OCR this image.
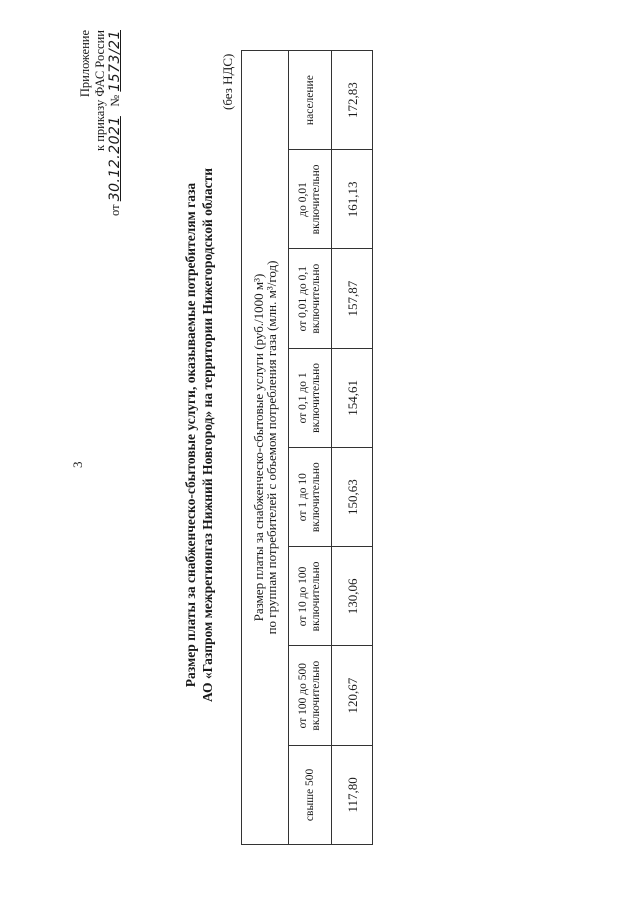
3
Приложение к приказу ФАС России
от 30.12.2021   № 1573/21
Размер платы за снабженческо-сбытовые услуги, оказываемые потребителям газа АО «Газпром межрегионгаз Нижний Новгород» на территории Нижегородской области
(без НДС)
Размер платы за снабженческо-сбытовые услуги (руб./1000 м³)
по группам потребителей с объемом потребления газа (млн. м³/год)							

свыше 500	от 100 до 500 включительно	от 10 до 100 включительно	от 1 до 10 включительно	от 0,1 до 1 включительно	от 0,01 до 0,1 включительно	до 0,01 включительно	население

117,80	120,67	130,06	150,63	154,61	157,87	161,13	172,83
